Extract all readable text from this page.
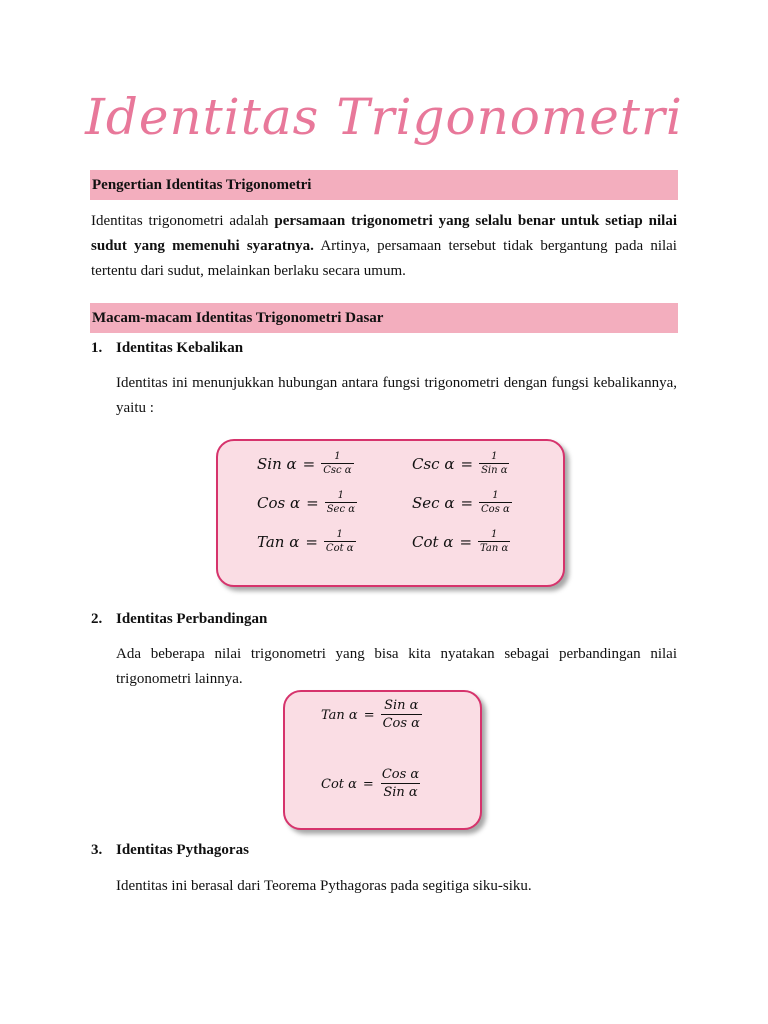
Identitas Trigonometri
Pengertian Identitas Trigonometri
Identitas trigonometri adalah persamaan trigonometri yang selalu benar untuk setiap nilai sudut yang memenuhi syaratnya. Artinya, persamaan tersebut tidak bergantung pada nilai tertentu dari sudut, melainkan berlaku secara umum.
Macam-macam Identitas Trigonometri Dasar
1. Identitas Kebalikan
Identitas ini menunjukkan hubungan antara fungsi trigonometri dengan fungsi kebalikannya, yaitu :
Sin $\alpha = \frac{1}{\text{Csc α}}$	Csc $\alpha = \frac{1}{\text{Sin α}}$
Cos $\alpha = \frac{1}{\text{Sec α}}$	Sec $\alpha = \frac{1}{\text{Cos α}}$
Tan $\alpha = \frac{1}{\text{Cot α}}$	Cot $\alpha = \frac{1}{\text{Tan α}}$
2. Identitas Perbandingan
Ada beberapa nilai trigonometri yang bisa kita nyatakan sebagai perbandingan nilai trigonometri lainnya.
Tan $\alpha = \frac{\text{Sin α}}{\text{Cos α}}$
Cot $\alpha = \frac{\text{Cos α}}{\text{Sin α}}$
3. Identitas Pythagoras
Identitas ini berasal dari Teorema Pythagoras pada segitiga siku-siku.
